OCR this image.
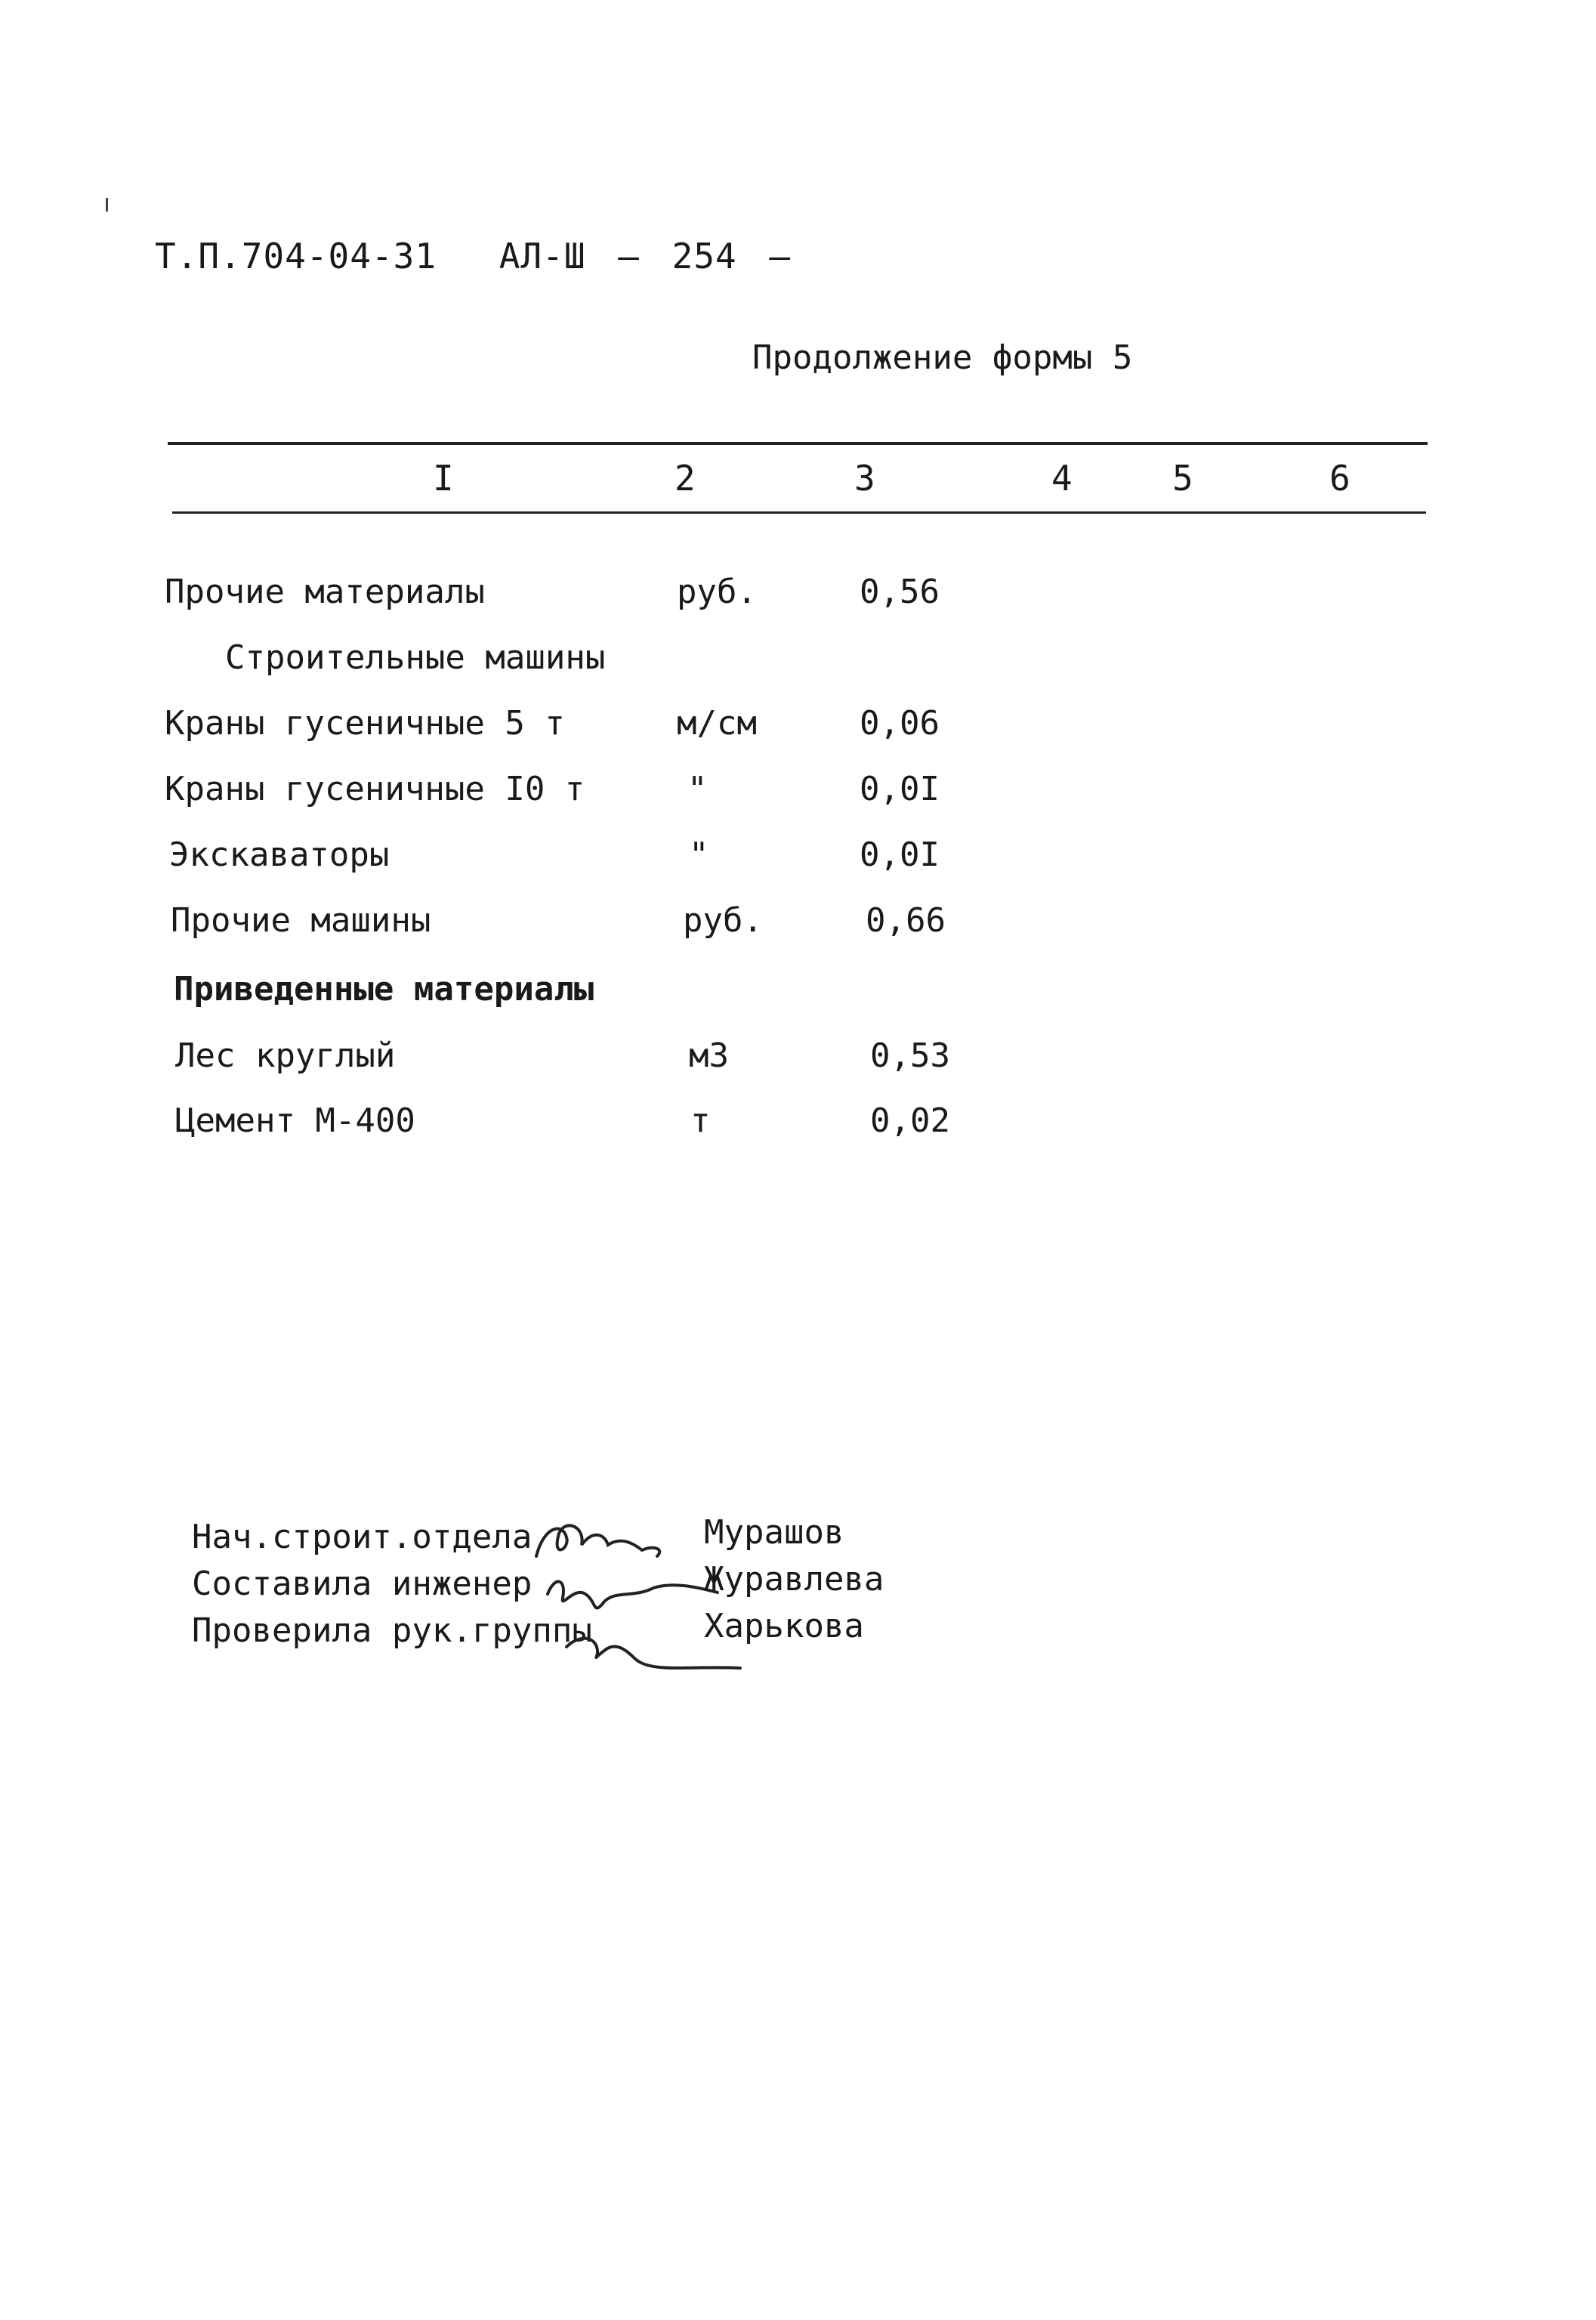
Т.П.704-04-31 АЛ-Ш — 254 —
Продолжение формы 5
I	2	3	4	5	6
Прочие материалы	руб.	0,56
Строительные машины
Краны гусеничные 5 т	м/см	0,06
Краны гусеничные I0 т	"	0,0I
Экскаваторы	"	0,0I
Прочие машины	руб.	0,66
Приведенные материалы
Лес круглый	м3	0,53
Цемент М-400	т	0,02
Нач.строит.отдела
Составила инженер
Проверила рук.группы
Мурашов
Журавлева
Харькова
